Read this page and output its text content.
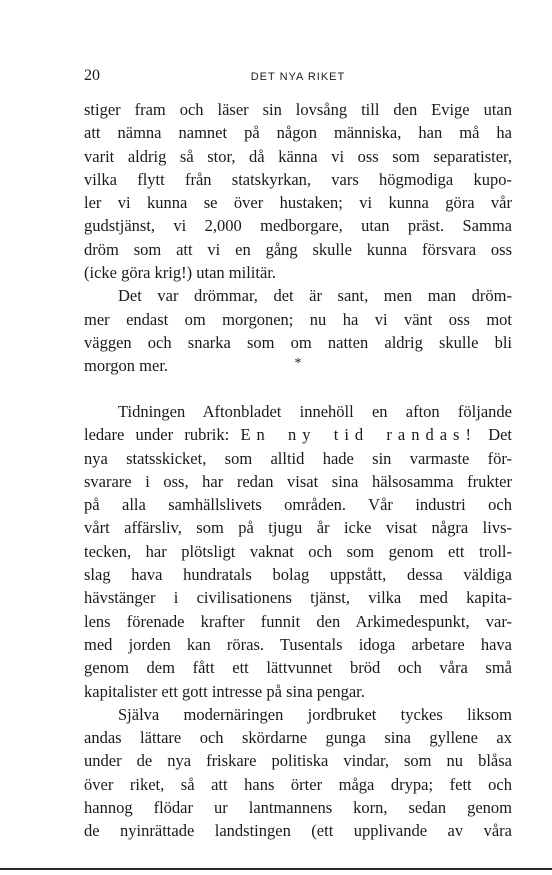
20	DET NYA RIKET
stiger fram och läser sin lovsång till den Evige utan
att nämna namnet på någon människa, han må ha
varit aldrig så stor, då känna vi oss som separatister,
vilka flytt från statskyrkan, vars högmodiga kupo-
ler vi kunna se över hustaken; vi kunna göra vår
gudstjänst, vi 2,000 medborgare, utan präst. Samma
dröm som att vi en gång skulle kunna försvara oss
(icke göra krig!) utan militär.
Det var drömmar, det är sant, men man dröm-
mer endast om morgonen; nu ha vi vänt oss mot
väggen och snarka som om natten aldrig skulle bli
morgon mer.	*
Tidningen Aftonbladet innehöll en afton följande
ledare under rubrik: En ny tid randas! Det
nya statsskicket, som alltid hade sin varmaste för-
svarare i oss, har redan visat sina hälsosamma frukter
på alla samhällslivets områden. Vår industri och
vårt affärsliv, som på tjugu år icke visat några livs-
tecken, har plötsligt vaknat och som genom ett troll-
slag hava hundratals bolag uppstått, dessa väldiga
hävstänger i civilisationens tjänst, vilka med kapita-
lens förenade krafter funnit den Arkimedespunkt, var-
med jorden kan röras. Tusentals idoga arbetare hava
genom dem fått ett lättvunnet bröd och våra små
kapitalister ett gott intresse på sina pengar.
Själva modernäringen jordbruket tyckes liksom
andas lättare och skördarne gunga sina gyllene ax
under de nya friskare politiska vindar, som nu blåsa
över riket, så att hans örter måga drypa; fett och
hannog flödar ur lantmannens korn, sedan genom
de nyinrättade landstingen (ett upplivande av våra
